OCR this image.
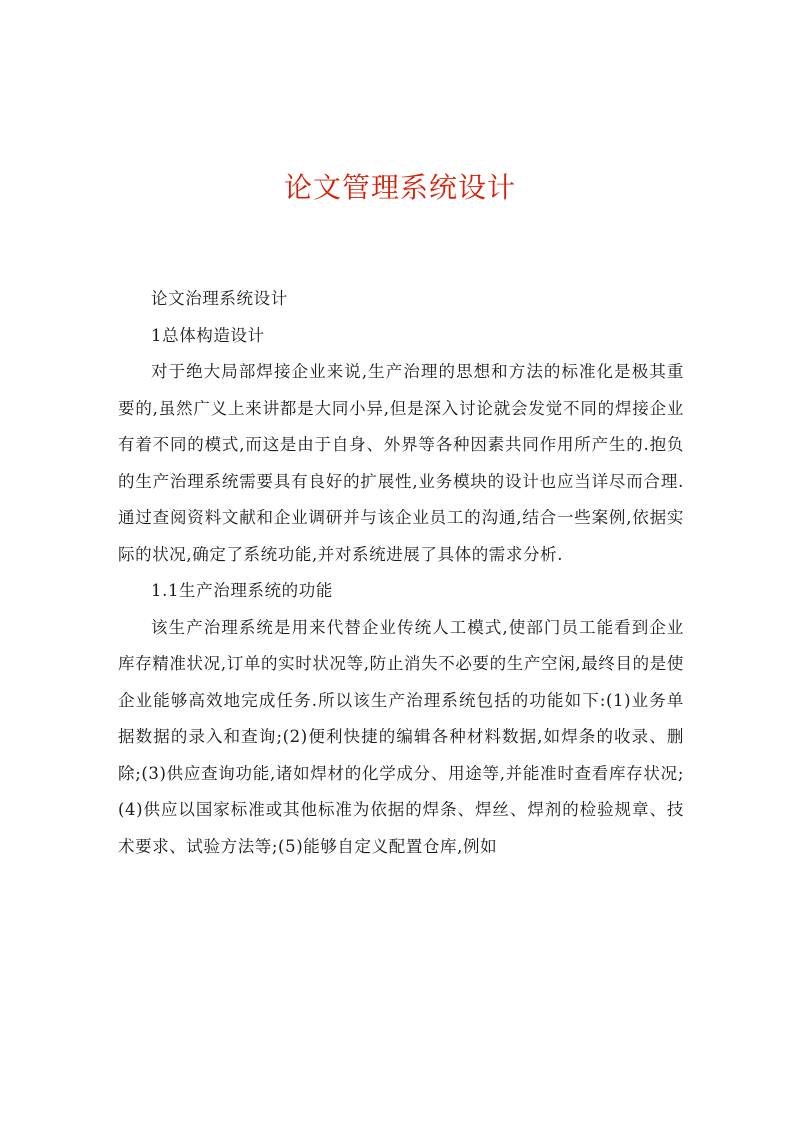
论文管理系统设计

论文治理系统设计

1总体构造设计

对于绝大局部焊接企业来说,生产治理的思想和方法的标准化是极其重要的,虽然广义上来讲都是大同小异,但是深入讨论就会发觉不同的焊接企业有着不同的模式,而这是由于自身、外界等各种因素共同作用所产生的.抱负的生产治理系统需要具有良好的扩展性,业务模块的设计也应当详尽而合理.通过查阅资料文献和企业调研并与该企业员工的沟通,结合一些案例,依据实际的状况,确定了系统功能,并对系统进展了具体的需求分析.

1.1生产治理系统的功能

该生产治理系统是用来代替企业传统人工模式,使部门员工能看到企业库存精准状况,订单的实时状况等,防止消失不必要的生产空闲,最终目的是使企业能够高效地完成任务.所以该生产治理系统包括的功能如下:(1)业务单据数据的录入和查询;(2)便利快捷的编辑各种材料数据,如焊条的收录、删除;(3)供应查询功能,诸如焊材的化学成分、用途等,并能准时查看库存状况;(4)供应以国家标准或其他标准为依据的焊条、焊丝、焊剂的检验规章、技术要求、试验方法等;(5)能够自定义配置仓库,例如
